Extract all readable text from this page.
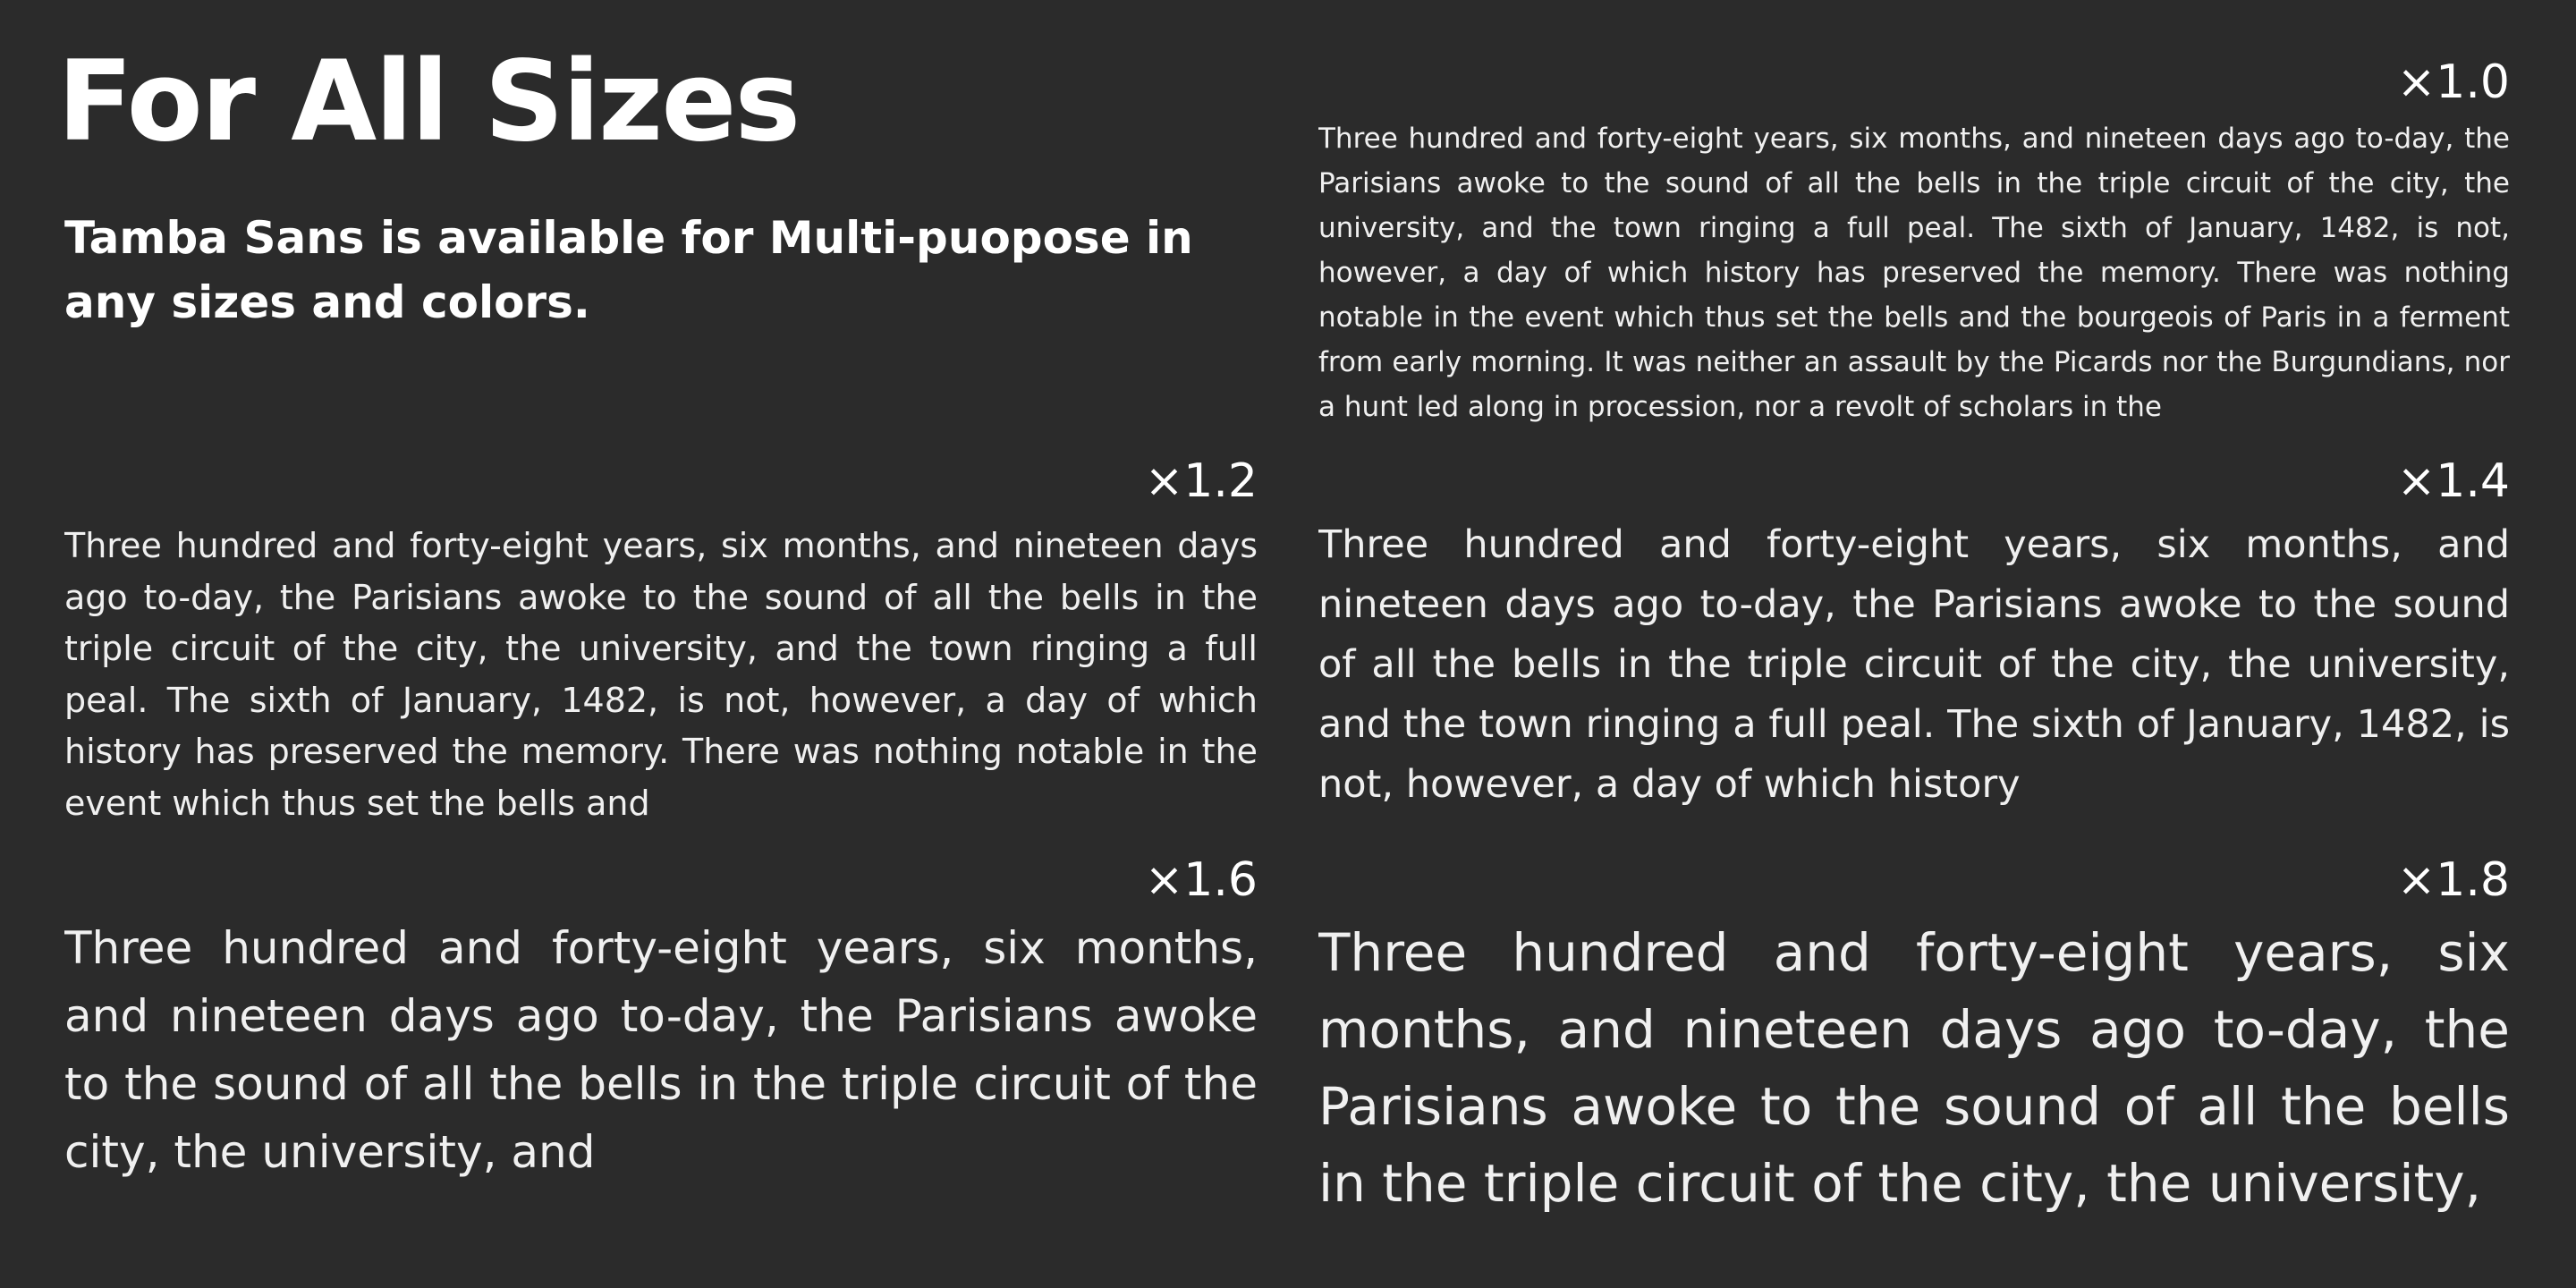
For All Sizes

Tamba Sans is available for Multi-puopose in any sizes and colors.

×1.0

Three hundred and forty-eight years, six months, and nineteen days ago to-day, the Parisians awoke to the sound of all the bells in the triple circuit of the city, the university, and the town ringing a full peal. The sixth of January, 1482, is not, however, a day of which history has preserved the memory. There was nothing notable in the event which thus set the bells and the bourgeois of Paris in a ferment from early morning. It was neither an assault by the Picards nor the Burgundians, nor a hunt led along in procession, nor a revolt of scholars in the

×1.2

Three hundred and forty-eight years, six months, and nineteen days ago to-day, the Parisians awoke to the sound of all the bells in the triple circuit of the city, the university, and the town ringing a full peal. The sixth of January, 1482, is not, however, a day of which history has preserved the memory. There was nothing notable in the event which thus set the bells and

×1.4

Three hundred and forty-eight years, six months, and nineteen days ago to-day, the Parisians awoke to the sound of all the bells in the triple circuit of the city, the university, and the town ringing a full peal. The sixth of January, 1482, is not, however, a day of which history

×1.6

Three hundred and forty-eight years, six months, and nineteen days ago to-day, the Parisians awoke to the sound of all the bells in the triple circuit of the city, the university, and

×1.8

Three hundred and forty-eight years, six months, and nineteen days ago to-day, the Parisians awoke to the sound of all the bells in the triple circuit of the city, the university,
